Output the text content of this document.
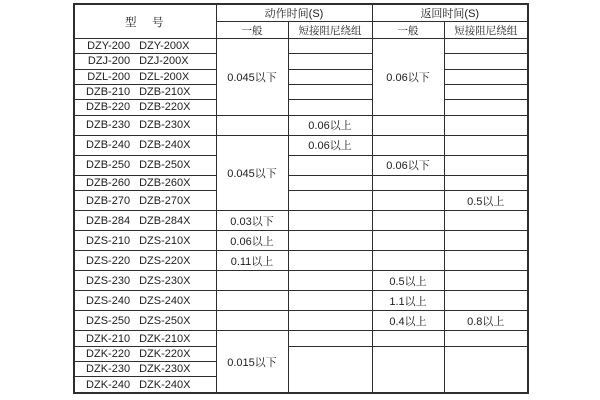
型　号	动作时间(S)		返回时间(S)	
	一般	短接阻尼绕组	一般	短接阻尼绕组
DZY-200 DZY-200X	0.045以下		0.06以下	
DZJ-200 DZJ-200X				
DZL-200 DZL-200X				
DZB-210 DZB-210X				
DZB-220 DZB-220X				
DZB-230 DZB-230X		0.06以上		
DZB-240 DZB-240X	0.045以下	0.06以上		
DZB-250 DZB-250X			0.06以下	
DZB-260 DZB-260X				
DZB-270 DZB-270X				0.5以上
DZB-284 DZB-284X	0.03以下			
DZS-210 DZS-210X	0.06以上			
DZS-220 DZS-220X	0.11以上			
DZS-230 DZS-230X			0.5以上	
DZS-240 DZS-240X			1.1以上	
DZS-250 DZS-250X			0.4以上	0.8以上
DZK-210 DZK-210X	0.015以下			
DZK-220 DZK-220X				
DZK-230 DZK-230X				
DZK-240 DZK-240X				
